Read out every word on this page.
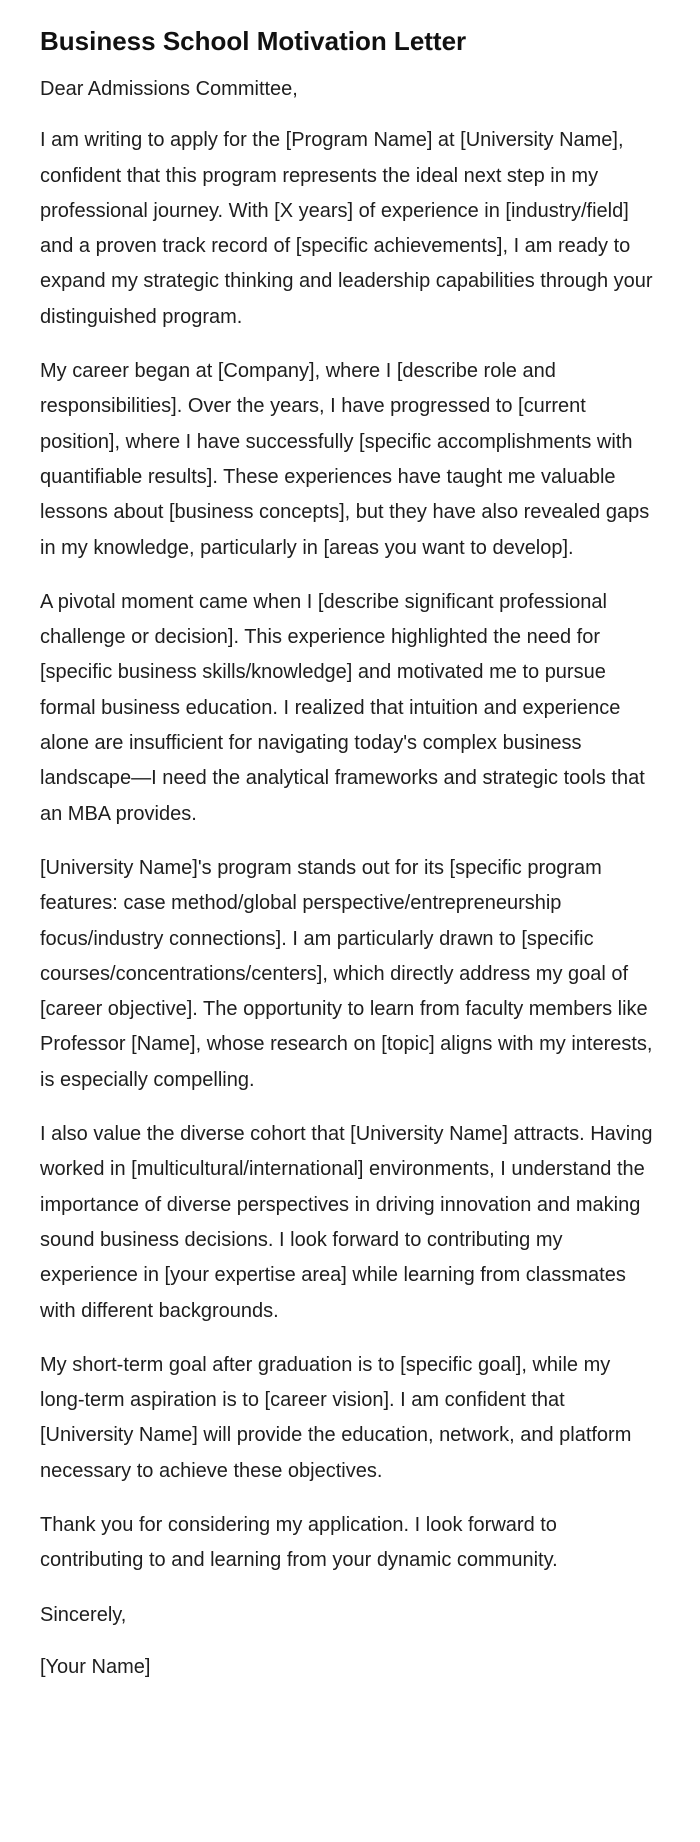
Business School Motivation Letter

Dear Admissions Committee,

I am writing to apply for the [Program Name] at [University Name], confident that this program represents the ideal next step in my professional journey. With [X years] of experience in [industry/field] and a proven track record of [specific achievements], I am ready to expand my strategic thinking and leadership capabilities through your distinguished program.

My career began at [Company], where I [describe role and responsibilities]. Over the years, I have progressed to [current position], where I have successfully [specific accomplishments with quantifiable results]. These experiences have taught me valuable lessons about [business concepts], but they have also revealed gaps in my knowledge, particularly in [areas you want to develop].

A pivotal moment came when I [describe significant professional challenge or decision]. This experience highlighted the need for [specific business skills/knowledge] and motivated me to pursue formal business education. I realized that intuition and experience alone are insufficient for navigating today's complex business landscape—I need the analytical frameworks and strategic tools that an MBA provides.

[University Name]'s program stands out for its [specific program features: case method/global perspective/entrepreneurship focus/industry connections]. I am particularly drawn to [specific courses/concentrations/centers], which directly address my goal of [career objective]. The opportunity to learn from faculty members like Professor [Name], whose research on [topic] aligns with my interests, is especially compelling.

I also value the diverse cohort that [University Name] attracts. Having worked in [multicultural/international] environments, I understand the importance of diverse perspectives in driving innovation and making sound business decisions. I look forward to contributing my experience in [your expertise area] while learning from classmates with different backgrounds.

My short-term goal after graduation is to [specific goal], while my long-term aspiration is to [career vision]. I am confident that [University Name] will provide the education, network, and platform necessary to achieve these objectives.

Thank you for considering my application. I look forward to contributing to and learning from your dynamic community.

Sincerely,

[Your Name]
